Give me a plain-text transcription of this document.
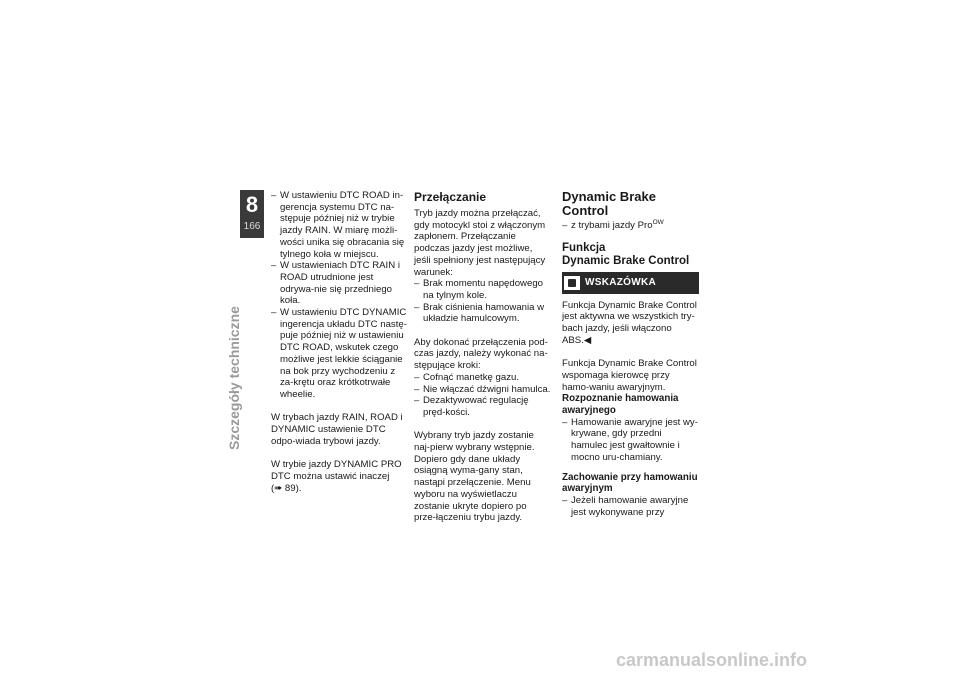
8
166
Szczegóły techniczne
– W ustawieniu DTC ROAD in-gerencja systemu DTC na-stępuje później niż w trybie jazdy RAIN. W miarę możli-wości unika się obracania się tylnego koła w miejscu.
– W ustawieniach DTC RAIN i ROAD utrudnione jest odrywa-nie się przedniego koła.
– W ustawieniu DTC DYNAMIC ingerencja układu DTC nastę-puje później niż w ustawieniu DTC ROAD, wskutek czego możliwe jest lekkie ściąganie na bok przy wychodzeniu z za-krętu oraz krótkotrwałe wheelie.

W trybach jazdy RAIN, ROAD i DYNAMIC ustawienie DTC odpo-wiada trybowi jazdy.

W trybie jazdy DYNAMIC PRO DTC można ustawić inaczej
(➠ 89).

Przełączanie

Tryb jazdy można przełączać, gdy motocykl stoi z włączonym zapłonem. Przełączanie podczas jazdy jest możliwe, jeśli spełniony jest następujący warunek:

– Brak momentu napędowego na tylnym kole.
– Brak ciśnienia hamowania w układzie hamulcowym.

Aby dokonać przełączenia pod-czas jazdy, należy wykonać na-stępujące kroki:

– Cofnąć manetkę gazu.
– Nie włączać dźwigni hamulca.
– Dezaktywować regulację pręd-kości.

Wybrany tryb jazdy zostanie naj-pierw wybrany wstępnie. Dopiero gdy dane układy osiągną wyma-gany stan, nastąpi przełączenie. Menu wyboru na wyświetlaczu zostanie ukryte dopiero po prze-łączeniu trybu jazdy.

Dynamic Brake Control
– z trybami jazdy Pro$^{OW}$
Funkcja
Dynamic Brake Control
WSKAZÓWKA

Funkcja Dynamic Brake Control jest aktywna we wszystkich try-bach jazdy, jeśli włączono ABS.◀

Funkcja Dynamic Brake Control wspomaga kierowcę przy hamo-waniu awaryjnym.

Rozpoznanie hamowania awaryjnego
– Hamowanie awaryjne jest wy-krywane, gdy przedni hamulec jest gwałtownie i mocno uru-chamiany.
Zachowanie przy hamowaniu awaryjnym
– Jeżeli hamowanie awaryjne jest wykonywane przy
carmanualsonline.info
